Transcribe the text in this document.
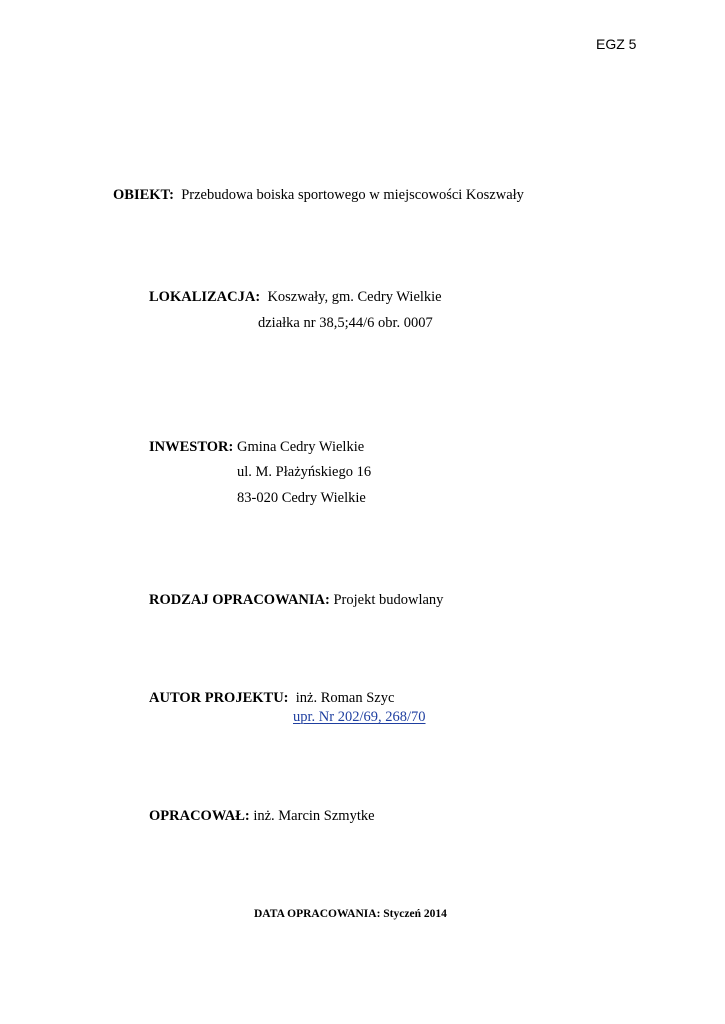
EGZ 5
OBIEKT: Przebudowa boiska sportowego w miejscowości Koszwały
LOKALIZACJA: Koszwały, gm. Cedry Wielkie
działka nr 38,5;44/6 obr. 0007
INWESTOR: Gmina Cedry Wielkie
ul. M. Płażyńskiego 16
83-020 Cedry Wielkie
RODZAJ OPRACOWANIA: Projekt budowlany
AUTOR PROJEKTU: inż. Roman Szyc
upr. Nr 202/69, 268/70
OPRACOWAŁ: inż. Marcin Szmytke
DATA OPRACOWANIA: Styczeń 2014
